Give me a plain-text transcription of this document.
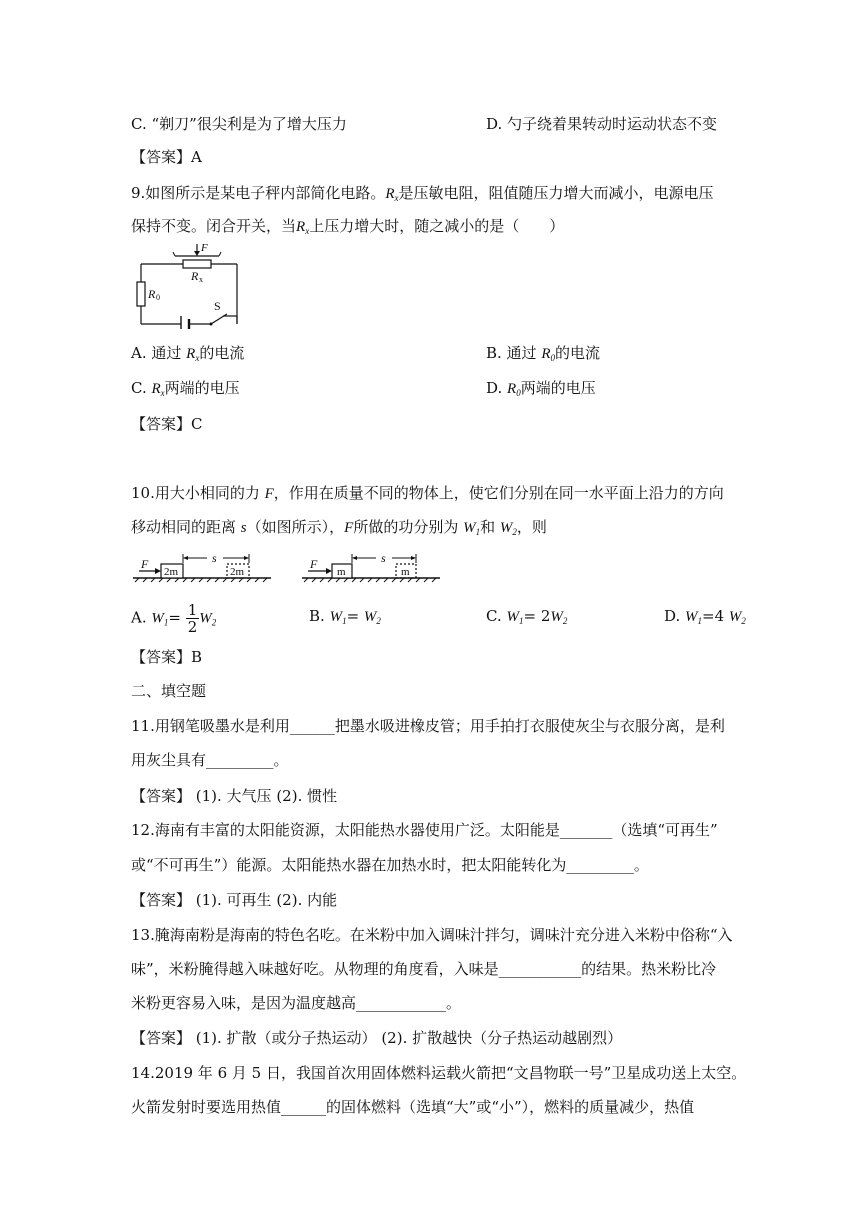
C. “剃刀”很尖利是为了增大压力	D. 勺子绕着果转动时运动状态不变
【答案】A
9.如图所示是某电子秤内部简化电路。$R_x$是压敏电阻，阻值随压力增大而减小，电源电压
保持不变。闭合开关，当$R_x$上压力增大时，随之减小的是（　　）
F
R x
R 0
S
A. 通过 $R_x$的电流	B. 通过 $R_0$的电流
C. $R_x$两端的电压	D. $R_0$两端的电压
【答案】C
10.用大小相同的力 F，作用在质量不同的物体上，使它们分别在同一水平面上沿力的方向
移动相同的距离 s（如图所示），F所做的功分别为 $W_1$和 $W_2$，则
F
2m
s
2m
F
m
s
m
A. $W_1= \frac{1}{2} W_2$	B. $W_1= W_2$	C. $W_1= 2W_2$	D. $W_1=4$ $W_2$
【答案】B
二、填空题
11.用钢笔吸墨水是利用______把墨水吸进橡皮管；用手拍打衣服使灰尘与衣服分离，是利
用灰尘具有_________。
【答案】 (1). 大气压 (2). 惯性
12.海南有丰富的太阳能资源，太阳能热水器使用广泛。太阳能是_______（选填“可再生”
或“不可再生”）能源。太阳能热水器在加热水时，把太阳能转化为_________。
【答案】 (1). 可再生 (2). 内能
13.腌海南粉是海南的特色名吃。在米粉中加入调味汁拌匀，调味汁充分进入米粉中俗称“入
味”，米粉腌得越入味越好吃。从物理的角度看，入味是___________的结果。热米粉比冷
米粉更容易入味，是因为温度越高____________。
【答案】 (1). 扩散（或分子热运动） (2). 扩散越快（分子热运动越剧烈）
14.2019 年 6 月 5 日，我国首次用固体燃料运载火箭把“文昌物联一号”卫星成功送上太空。
火箭发射时要选用热值______的固体燃料（选填“大”或“小”），燃料的质量减少，热值
